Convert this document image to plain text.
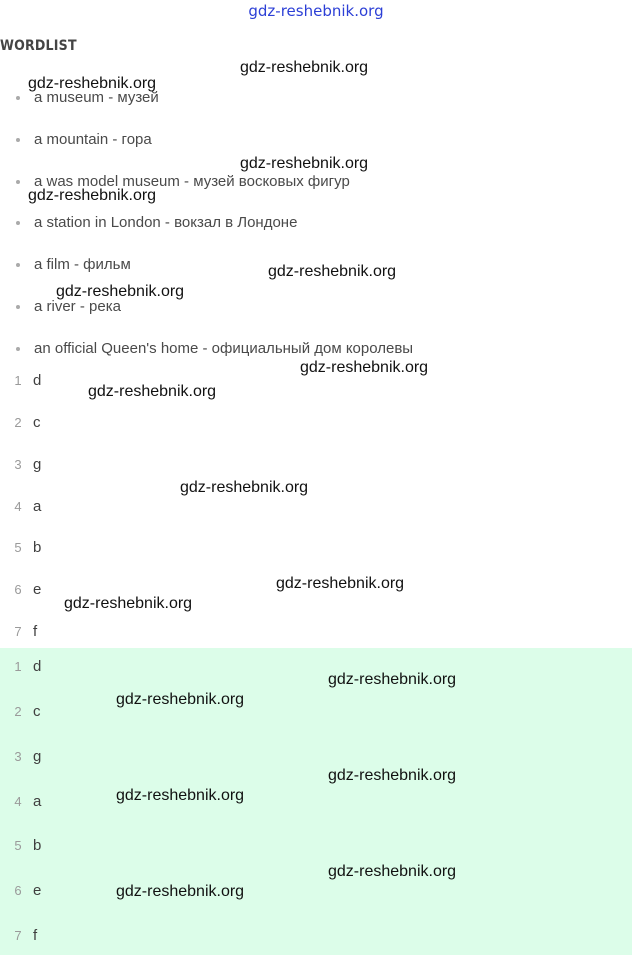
gdz-reshebnik.org
WORDLIST
a museum - музей
a mountain - гора
a was model museum - музей восковых фигур
a station in London - вокзал в Лондоне
a film - фильм
a river - река
an official Queen's home - официальный дом королевы
1 d
2 c
3 g
4 a
5 b
6 e
7 f
1 d
2 c
3 g
4 a
5 b
6 e
7 f
gdz-reshebnik.org
gdz-reshebnik.org
gdz-reshebnik.org
gdz-reshebnik.org
gdz-reshebnik.org
gdz-reshebnik.org
gdz-reshebnik.org
gdz-reshebnik.org
gdz-reshebnik.org
gdz-reshebnik.org
gdz-reshebnik.org
gdz-reshebnik.org
gdz-reshebnik.org
gdz-reshebnik.org
gdz-reshebnik.org
gdz-reshebnik.org
gdz-reshebnik.org
